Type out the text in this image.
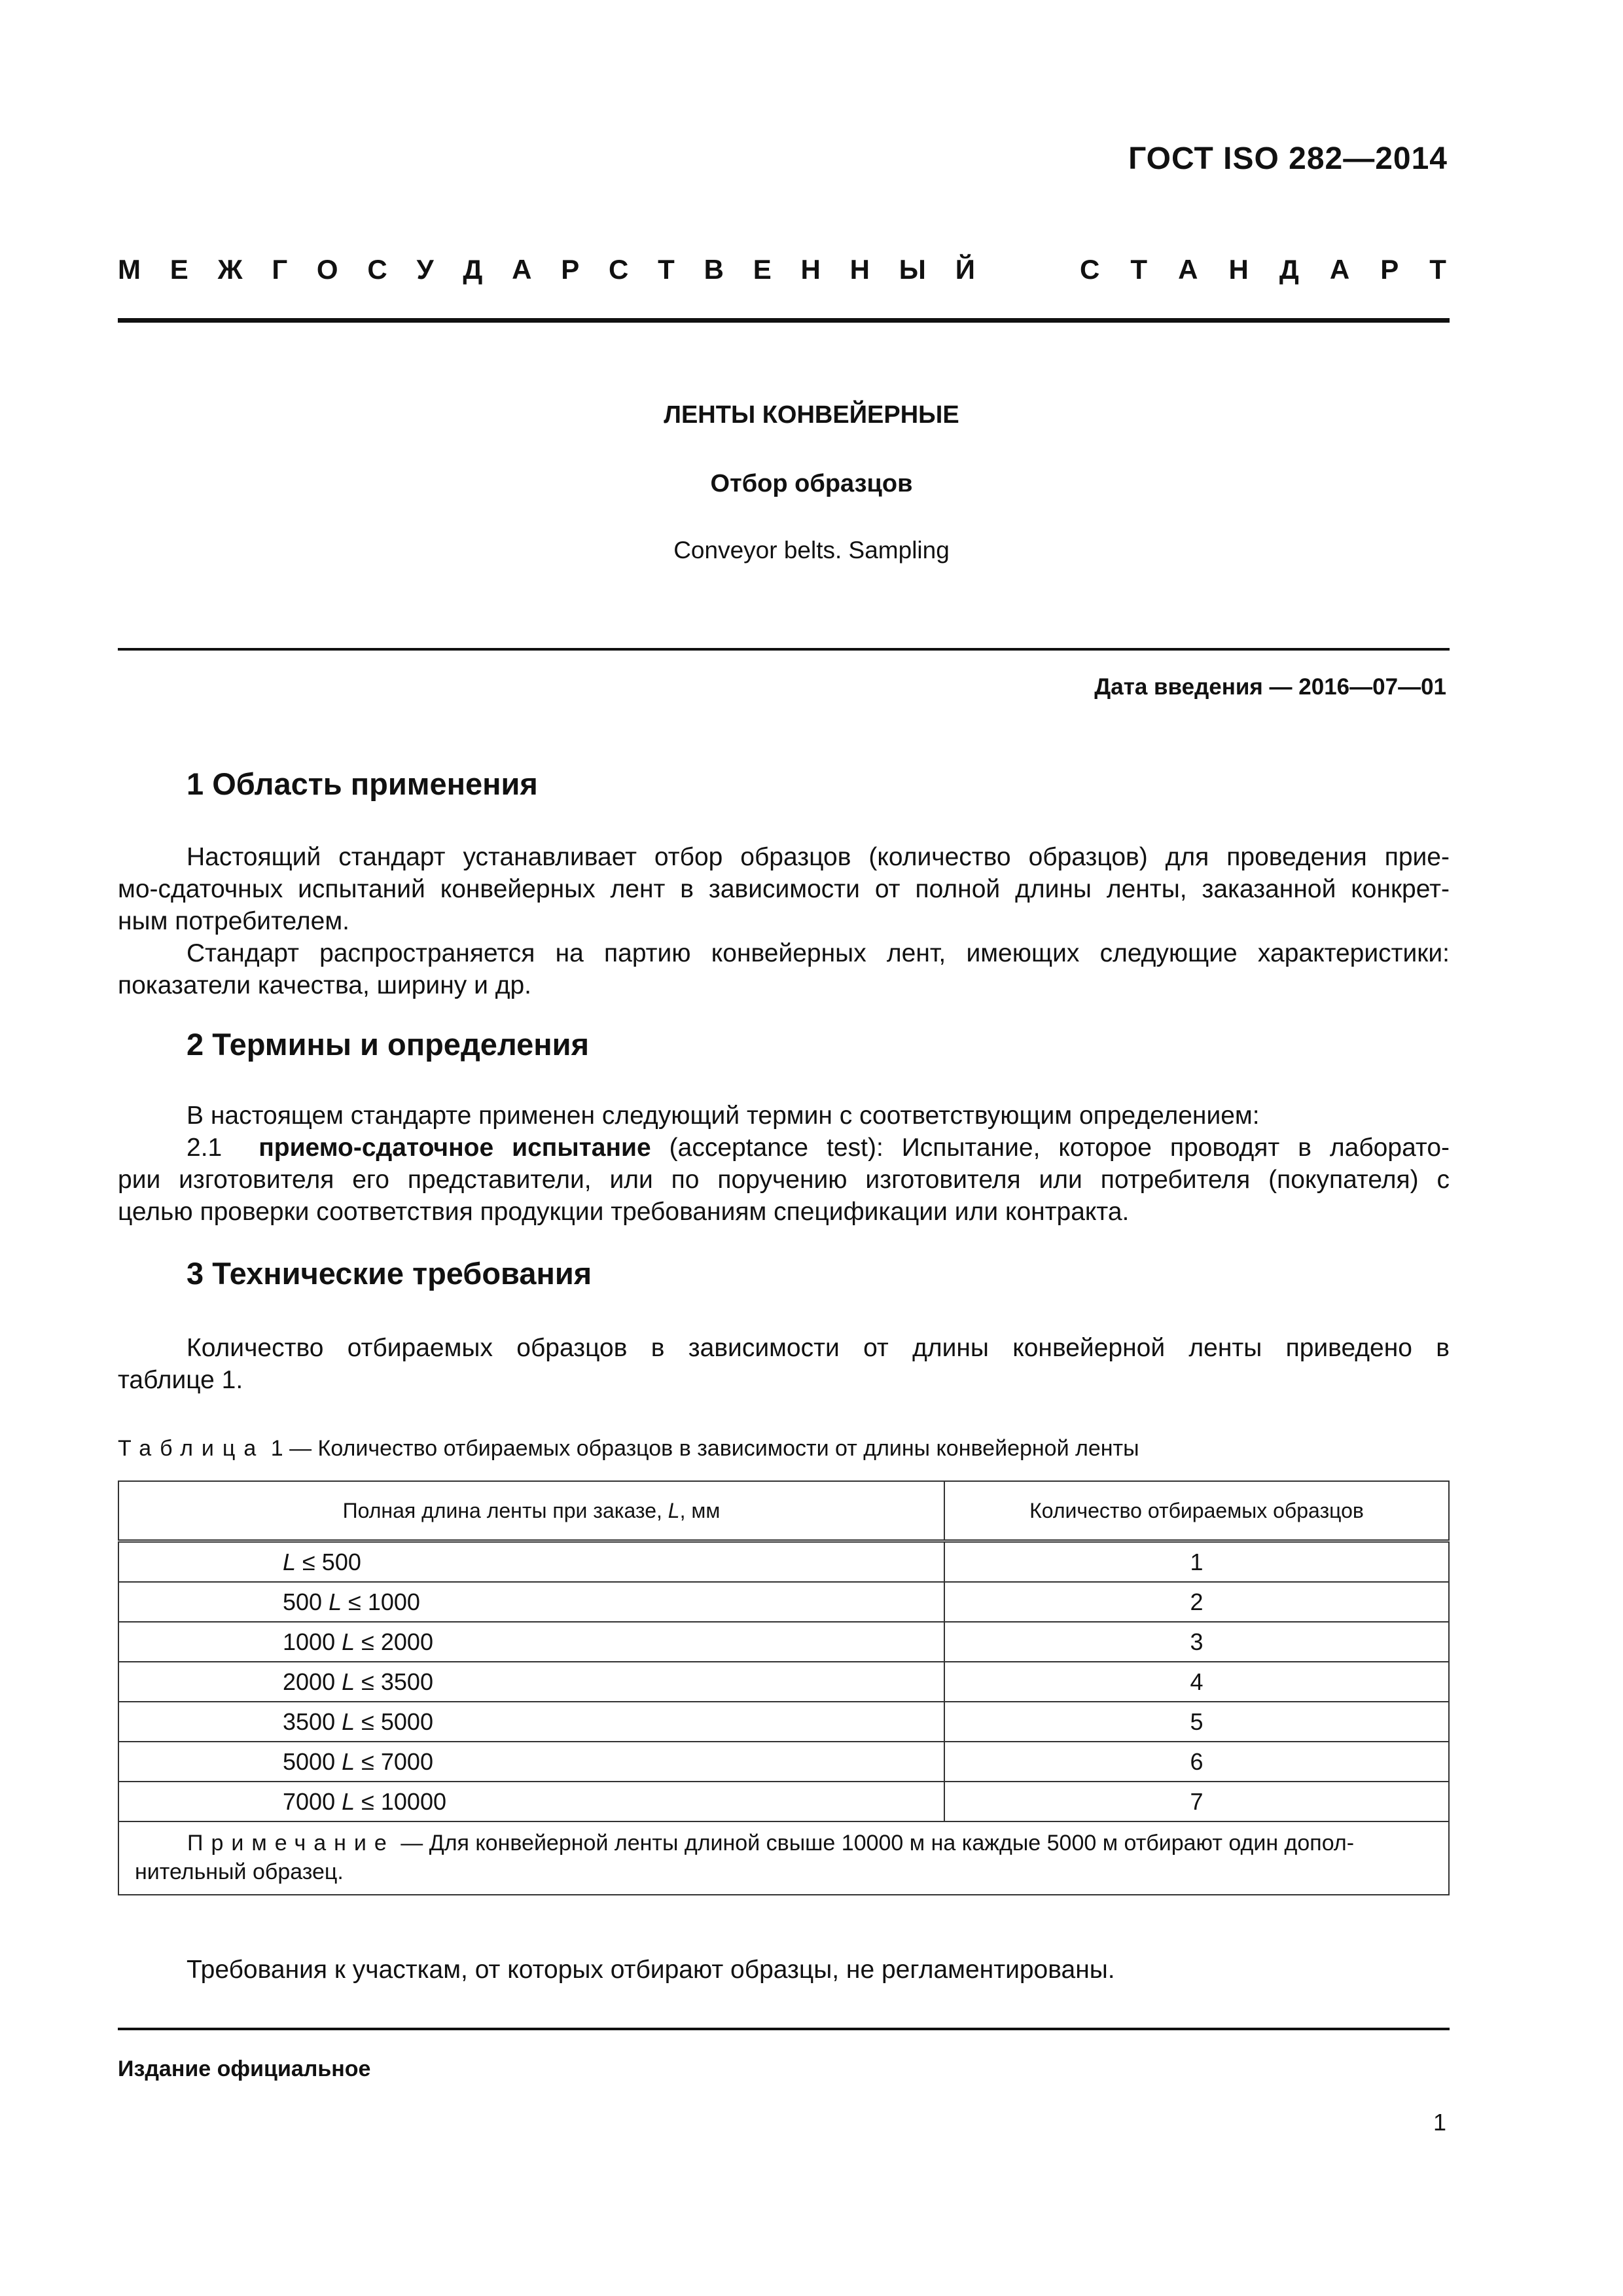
ГОСТ ISO 282—2014
М Е Ж Г О С У Д А Р С Т В Е Н Н Ы Й	С Т А Н Д А Р Т
ЛЕНТЫ КОНВЕЙЕРНЫЕ
Отбор образцов
Conveyor belts. Sampling
Дата введения — 2016—07—01
1 Область применения
Настоящий стандарт устанавливает отбор образцов (количество образцов) для проведения прие-
мо-сдаточных испытаний конвейерных лент в зависимости от полной длины ленты, заказанной конкрет-
ным потребителем.
Стандарт распространяется на партию конвейерных лент, имеющих следующие характеристики:
показатели качества, ширину и др.
2 Термины и определения
В настоящем стандарте применен следующий термин с соответствующим определением:
2.1 приемо-сдаточное испытание (acceptance test): Испытание, которое проводят в лаборато-
рии изготовителя его представители, или по поручению изготовителя или потребителя (покупателя) с
целью проверки соответствия продукции требованиям спецификации или контракта.
3 Технические требования
Количество отбираемых образцов в зависимости от длины конвейерной ленты приведено в
таблице 1.
Таблица 1 — Количество отбираемых образцов в зависимости от длины конвейерной ленты
Полная длина ленты при заказе, L, мм	Количество отбираемых образцов
L ≤ 500	1
500 L ≤ 1000	2
1000 L ≤ 2000	3
2000 L ≤ 3500	4
3500 L ≤ 5000	5
5000 L ≤ 7000	6
7000 L ≤ 10000	7
Примечание — Для конвейерной ленты длиной свыше 10000 м на каждые 5000 м отбирают один допол-
нительный образец.	
Требования к участкам, от которых отбирают образцы, не регламентированы.
Издание официальное
1
